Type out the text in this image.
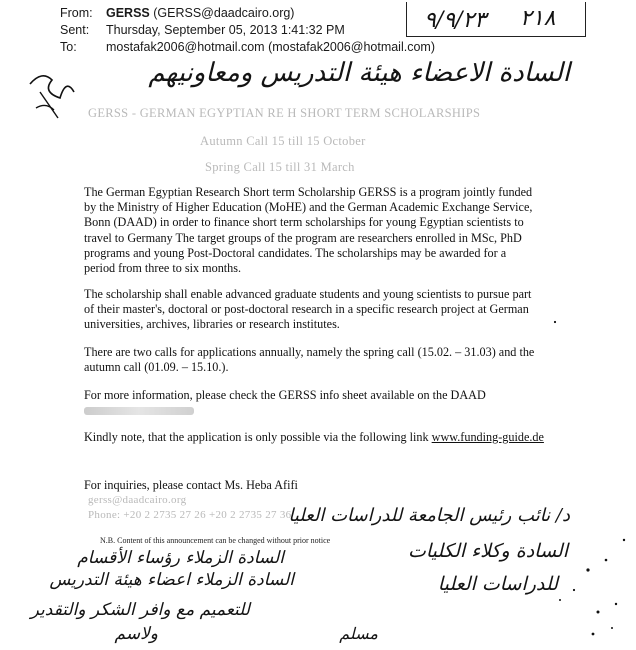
٩/٩/٢٣ ٢١٨
From: GERSS (GERSS@daadcairo.org)
Sent: Thursday, September 05, 2013 1:41:32 PM
To: mostafak2006@hotmail.com (mostafak2006@hotmail.com)
السادة الاعضاء هيئة التدريس ومعاونيهم
GERSS - GERMAN EGYPTIAN RE H SHORT TERM SCHOLARSHIPS
Autumn Call 15 till 15 October
Spring Call 15 till 31 March
The German Egyptian Research Short term Scholarship GERSS is a program jointly funded by the Ministry of Higher Education (MoHE) and the German Academic Exchange Service, Bonn (DAAD) in order to finance short term scholarships for young Egyptian scientists to travel to Germany The target groups of the program are researchers enrolled in MSc, PhD programs and young Post-Doctoral candidates. The scholarships may be awarded for a period from three to six months.
The scholarship shall enable advanced graduate students and young scientists to pursue part of their master's, doctoral or post-doctoral research in a specific research project at German universities, archives, libraries or research institutes.
There are two calls for applications annually, namely the spring call (15.02. – 31.03) and the autumn call (01.09. – 15.10.).
For more information, please check the GERSS info sheet available on the DAAD

Kindly note, that the application is only possible via the following link www.funding-guide.de
For inquiries, please contact Ms. Heba Afifi
gerss@daadcairo.org
Phone: +20 2 2735 27 26 +20 2 2735 27 36
N.B. Content of this announcement can be changed without prior notice
د/ نائب رئيس الجامعة للدراسات العليا
السادة وكلاء الكليات
للدراسات العليا
السادة الزملاء رؤساء الأقسام
السادة الزملاء اعضاء هيئة التدريس
للتعميم مع وافر الشكر والتقدير
ولاسم	مسلم
